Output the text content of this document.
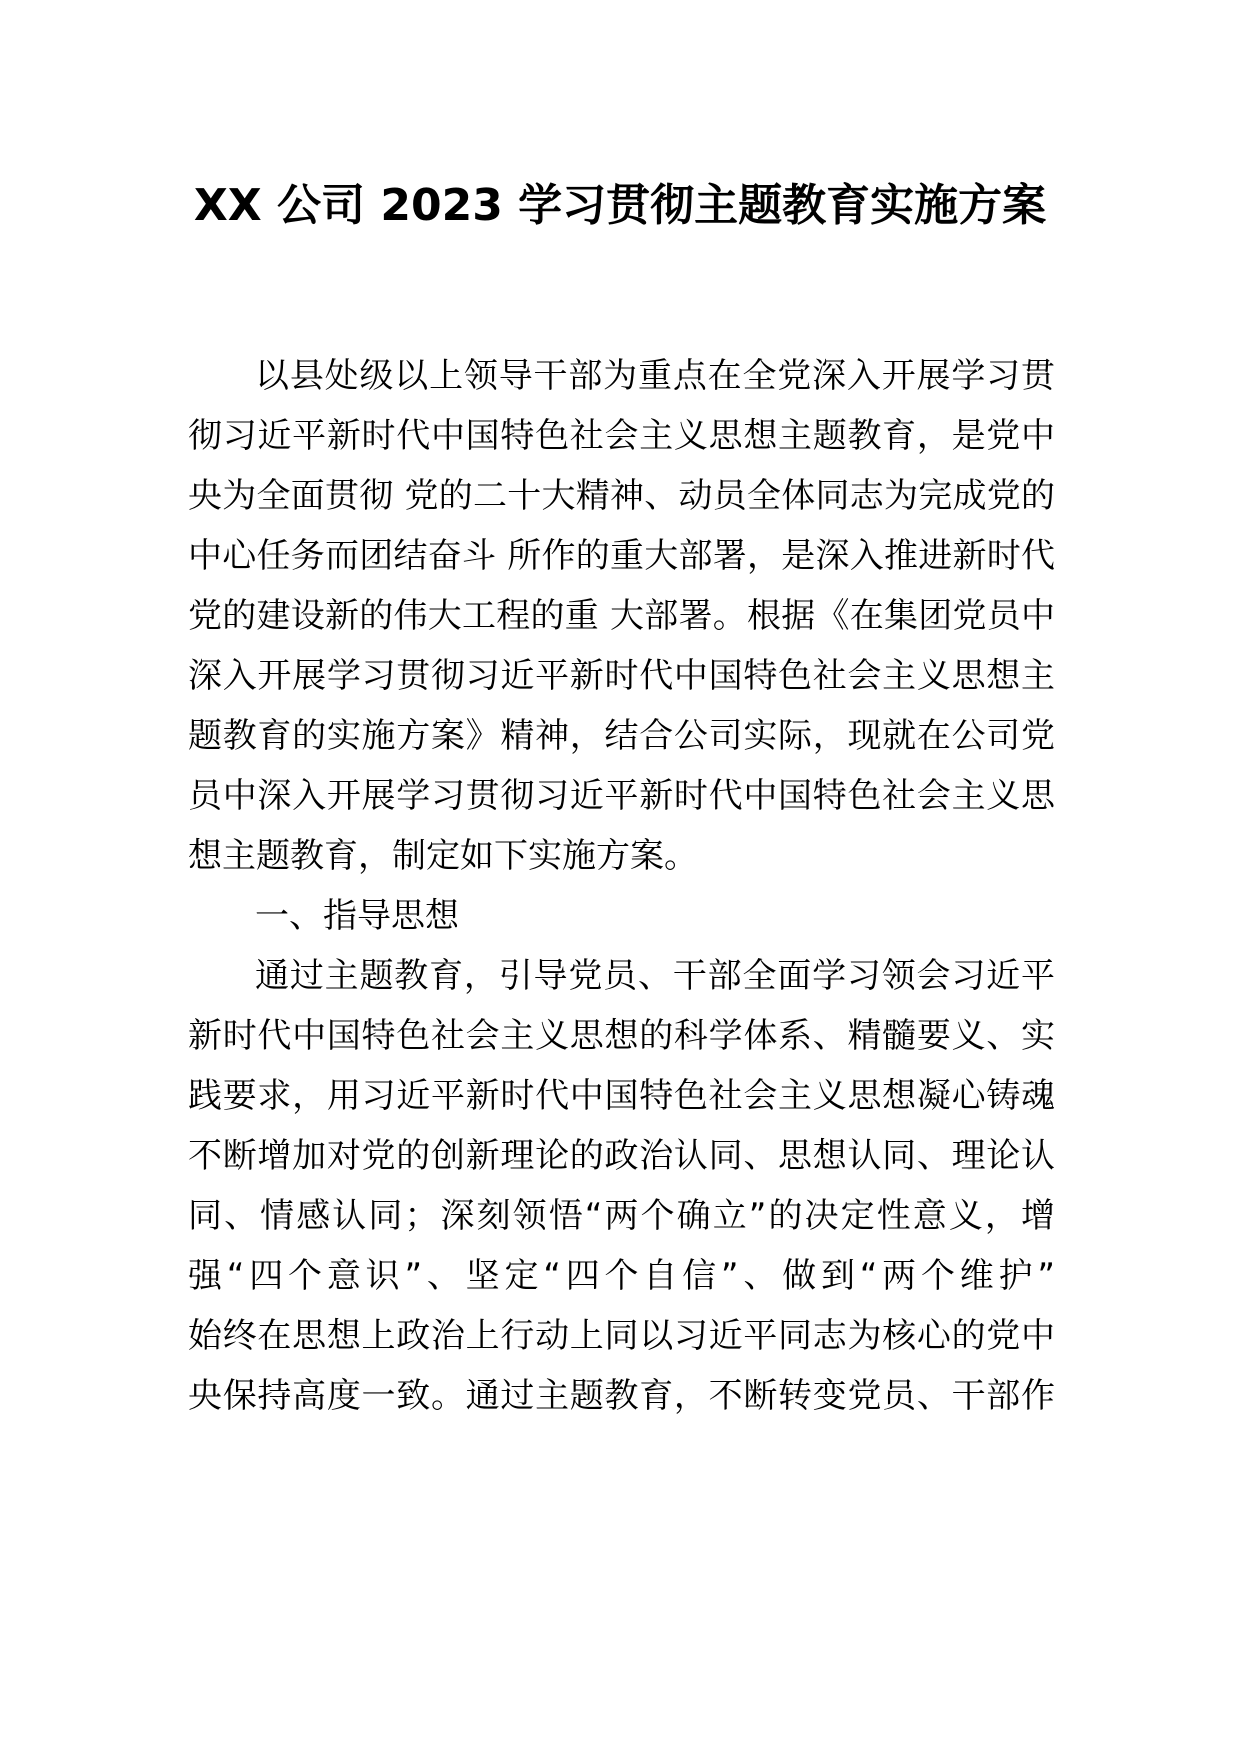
XX 公司 2023 学习贯彻主题教育实施方案
以县处级以上领导干部为重点在全党深入开展学习贯
彻习近平新时代中国特色社会主义思想主题教育，是党中
央为全面贯彻 党的二十大精神、动员全体同志为完成党的
中心任务而团结奋斗 所作的重大部署，是深入推进新时代
党的建设新的伟大工程的重 大部署。根据《在集团党员中
深入开展学习贯彻习近平新时代中国特色社会主义思想主
题教育的实施方案》精神，结合公司实际，现就在公司党
员中深入开展学习贯彻习近平新时代中国特色社会主义思
想主题教育，制定如下实施方案。
一、指导思想
通过主题教育，引导党员、干部全面学习领会习近平
新时代中国特色社会主义思想的科学体系、精髓要义、实
践要求，用习近平新时代中国特色社会主义思想凝心铸魂
不断增加对党的创新理论的政治认同、思想认同、理论认
同、情感认同；深刻领悟“两个确立”的决定性意义，增
强“四个意识”、坚定“四个自信”、做到“两个维护”
始终在思想上政治上行动上同以习近平同志为核心的党中
央保持高度一致。通过主题教育，不断转变党员、干部作
